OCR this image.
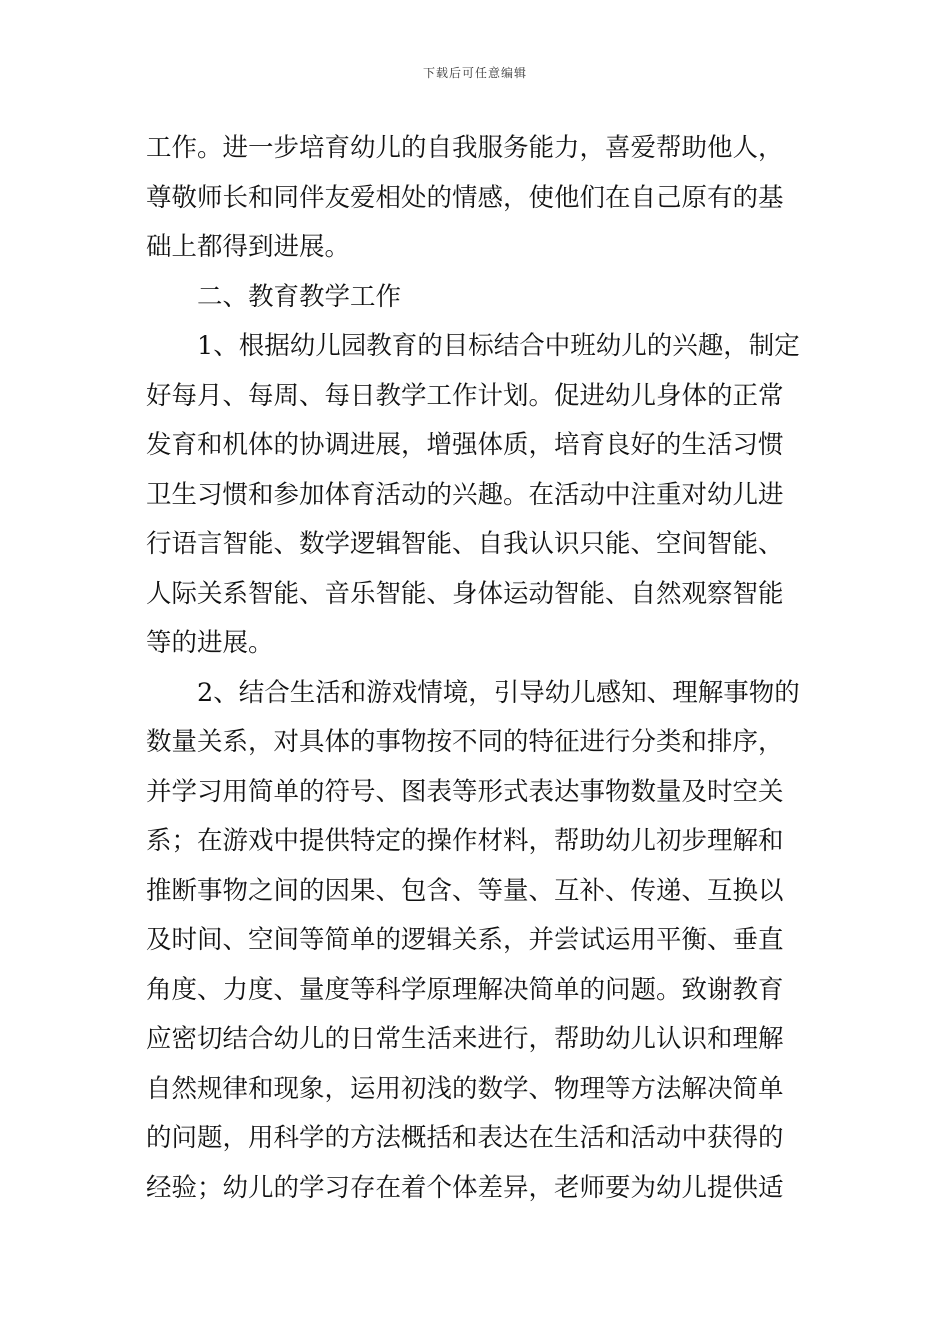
下载后可任意编辑
工作。进一步培育幼儿的自我服务能力，喜爱帮助他人，
尊敬师长和同伴友爱相处的情感，使他们在自己原有的基
础上都得到进展。
二、教育教学工作
1、根据幼儿园教育的目标结合中班幼儿的兴趣，制定
好每月、每周、每日教学工作计划。促进幼儿身体的正常
发育和机体的协调进展，增强体质，培育良好的生活习惯
卫生习惯和参加体育活动的兴趣。在活动中注重对幼儿进
行语言智能、数学逻辑智能、自我认识只能、空间智能、
人际关系智能、音乐智能、身体运动智能、自然观察智能
等的进展。
2、结合生活和游戏情境，引导幼儿感知、理解事物的
数量关系，对具体的事物按不同的特征进行分类和排序，
并学习用简单的符号、图表等形式表达事物数量及时空关
系；在游戏中提供特定的操作材料，帮助幼儿初步理解和
推断事物之间的因果、包含、等量、互补、传递、互换以
及时间、空间等简单的逻辑关系，并尝试运用平衡、垂直
角度、力度、量度等科学原理解决简单的问题。致谢教育
应密切结合幼儿的日常生活来进行，帮助幼儿认识和理解
自然规律和现象，运用初浅的数学、物理等方法解决简单
的问题，用科学的方法概括和表达在生活和活动中获得的
经验；幼儿的学习存在着个体差异，老师要为幼儿提供适
